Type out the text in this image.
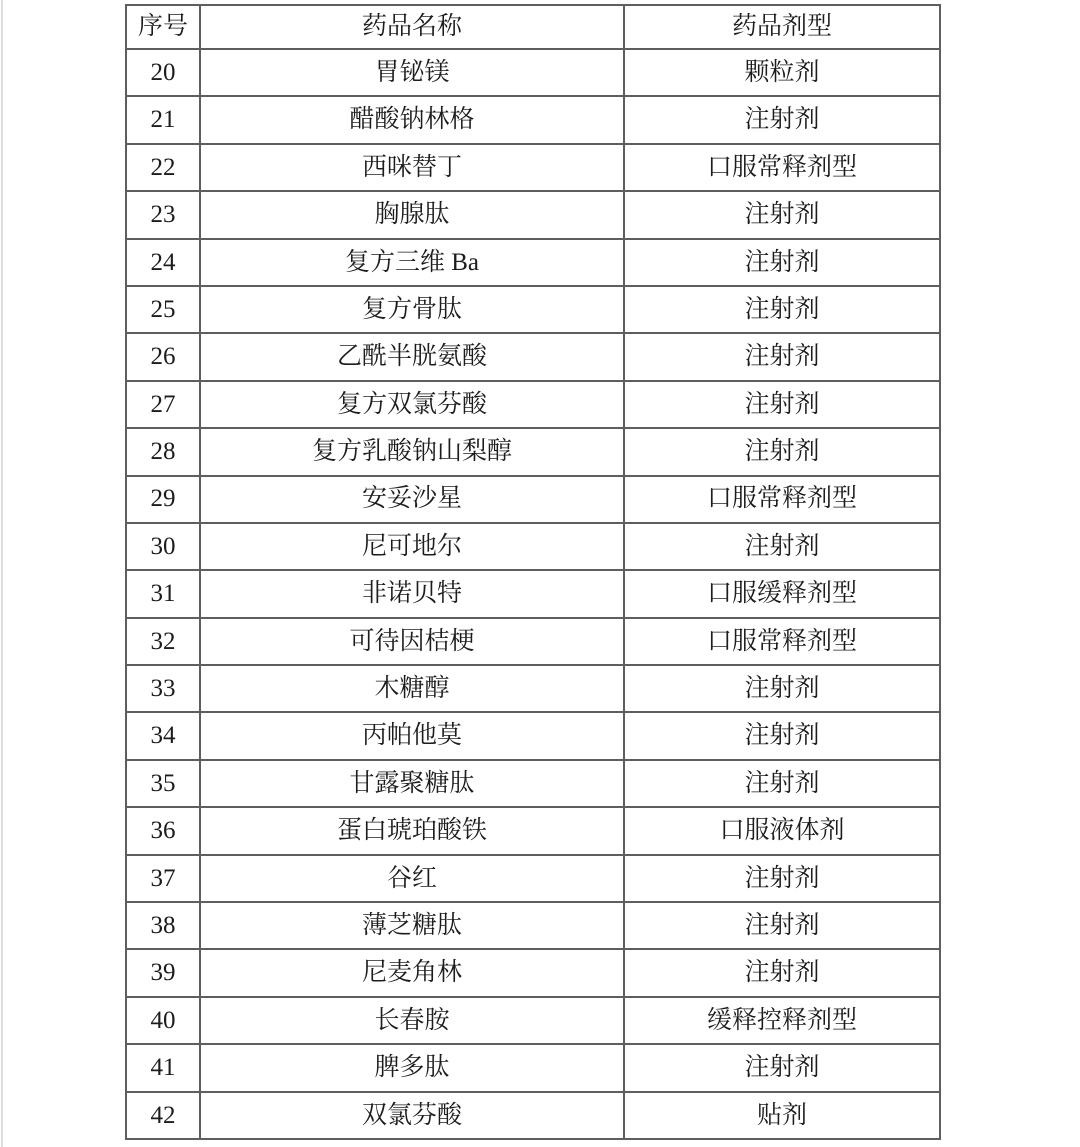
序号	药品名称	药品剂型
20	胃铋镁	颗粒剂
21	醋酸钠林格	注射剂
22	西咪替丁	口服常释剂型
23	胸腺肽	注射剂
24	复方三维 Ba	注射剂
25	复方骨肽	注射剂
26	乙酰半胱氨酸	注射剂
27	复方双氯芬酸	注射剂
28	复方乳酸钠山梨醇	注射剂
29	安妥沙星	口服常释剂型
30	尼可地尔	注射剂
31	非诺贝特	口服缓释剂型
32	可待因桔梗	口服常释剂型
33	木糖醇	注射剂
34	丙帕他莫	注射剂
35	甘露聚糖肽	注射剂
36	蛋白琥珀酸铁	口服液体剂
37	谷红	注射剂
38	薄芝糖肽	注射剂
39	尼麦角林	注射剂
40	长春胺	缓释控释剂型
41	脾多肽	注射剂
42	双氯芬酸	贴剂
